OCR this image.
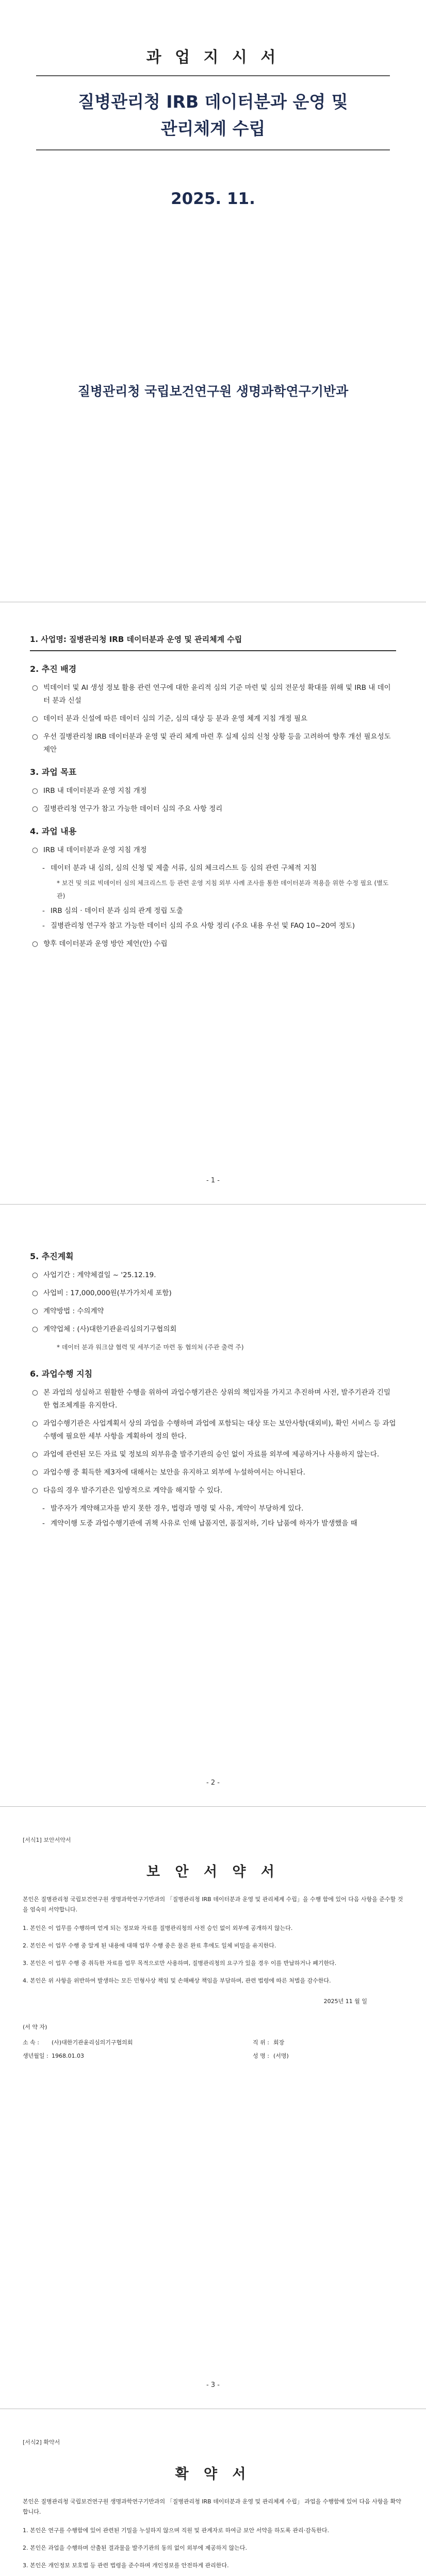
과 업 지 시 서
질병관리청 IRB 데이터분과 운영 및
관리체계 수립
2025. 11.
질병관리청 국립보건연구원 생명과학연구기반과
1. 사업명: 질병관리청 IRB 데이터분과 운영 및 관리체계 수립
2. 추진 배경
○ 빅데이터 및 AI 생성 정보 활용 관련 연구에 대한 윤리적 심의 기준 마련 및 심의 전문성 확대를 위해 및 IRB 내 데이터 분과 신설
○ 데이터 분과 신설에 따른 데이터 심의 기준, 심의 대상 등 분과 운영 체계 지침 개정 필요
○ 우선 질병관리청 IRB 데이터분과 운영 및 관리 체계 마련 후 실제 심의 신청 상황 등을 고려하여 향후 개선 필요성도 제안
3. 과업 목표
○ IRB 내 데이터분과 운영 지침 개정
○ 질병관리청 연구가 참고 가능한 데이터 심의 주요 사항 정리
4. 과업 내용
○ IRB 내 데이터분과 운영 지침 개정
- 데이터 분과 내 심의, 심의 신청 및 제출 서류, 심의 체크리스트 등 심의 관련 구체적 지침
* 보건 및 의료 빅데이터 심의 체크리스트 등 관련 운영 지침 외부 사례 조사를 통한 데이터분과 적용을 위한 수정 필요 (별도 관)
- IRB 심의 · 데이터 분과 심의 관계 정립 도출
- 질병관리청 연구자 참고 가능한 데이터 심의 주요 사항 정리 (주요 내용 우선 및 FAQ 10~20여 정도)
○ 향후 데이터분과 운영 방안 제언(안) 수립
- 1 -
5. 추진계획
○ 사업기간 : 계약체결일 ~ '25.12.19.
○ 사업비 : 17,000,000원(부가가치세 포함)
○ 계약방법 : 수의계약
○ 계약업체 : (사)대한기관윤리심의기구협의회
* 데이터 분과 워크샵 협력 및 세부기준 마련 동 협의처 (주관 출력 주)
6. 과업수행 지침
○ 본 과업의 성실하고 원활한 수행을 위하여 과업수행기관은 상위의 책임자를 가지고 추진하며 사전, 발주기관과 긴밀한 협조체계를 유지한다.
○ 과업수행기관은 사업계획서 상의 과업을 수행하며 과업에 포함되는 대상 또는 보안사항(대외비), 확인 서비스 등 과업수행에 필요한 세부 사항을 계획하여 정의 한다.
○ 과업에 관련된 모든 자료 및 정보의 외부유출 발주기관의 승인 없이 자료를 외부에 제공하거나 사용하지 않는다.
○ 과업수행 중 획득한 제3자에 대해서는 보안을 유지하고 외부에 누설하여서는 아니된다.
○ 다음의 경우 발주기관은 일방적으로 계약을 해지할 수 있다.
- 발주자가 계약해고자를 받지 못한 경우, 법령과 명령 및 사유, 계약이 부당하게 있다.
- 계약이행 도중 과업수행기관에 귀책 사유로 인해 납품지연, 품질저하, 기타 납품에 하자가 발생했을 때
- 2 -
[서식1] 보안서약서
보 안 서 약 서
본인은 질병관리청 국립보건연구원 생명과학연구기반과의 「질병관리청 IRB 데이터분과 운영 및 관리체계 수립」을 수행 함에 있어 다음 사항을 준수할 것을 엄숙히 서약합니다.
1. 본인은 이 업무를 수행하며 얻게 되는 정보와 자료를 질병관리청의 사전 승인 없이 외부에 공개하지 않는다.
2. 본인은 이 업무 수행 중 알게 된 내용에 대해 업무 수행 중은 물론 완료 후에도 일체 비밀을 유지한다.
3. 본인은 이 업무 수행 중 취득한 자료를 업무 목적으로만 사용하며, 질병관리청의 요구가 있을 경우 이를 반납하거나 폐기한다.
4. 본인은 위 사항을 위반하여 발생하는 모든 민형사상 책임 및 손해배상 책임을 부담하며, 관련 법령에 따른 처벌을 감수한다.
2025년 11 월 일
(서 약 자)
소 속 :	(사)대한기관윤리심의기구협의회	직 위 : 회장
생년월일 : 1968.01.03	성 명 : (서명)
- 3 -
[서식2] 확약서
확 약 서
본인은 질병관리청 국립보건연구원 생명과학연구기반과의 「질병관리청 IRB 데이터분과 운영 및 관리체계 수립」 과업을 수행함에 있어 다음 사항을 확약합니다.
1. 본인은 연구를 수행함에 있어 관련된 기밀을 누설하지 않으며 직원 및 관계자로 하여금 보안 서약을 하도록 관리·감독한다.
2. 본인은 과업을 수행하며 산출된 결과물을 발주기관의 동의 없이 외부에 제공하지 않는다.
3. 본인은 개인정보 보호법 등 관련 법령을 준수하며 개인정보를 안전하게 관리한다.
